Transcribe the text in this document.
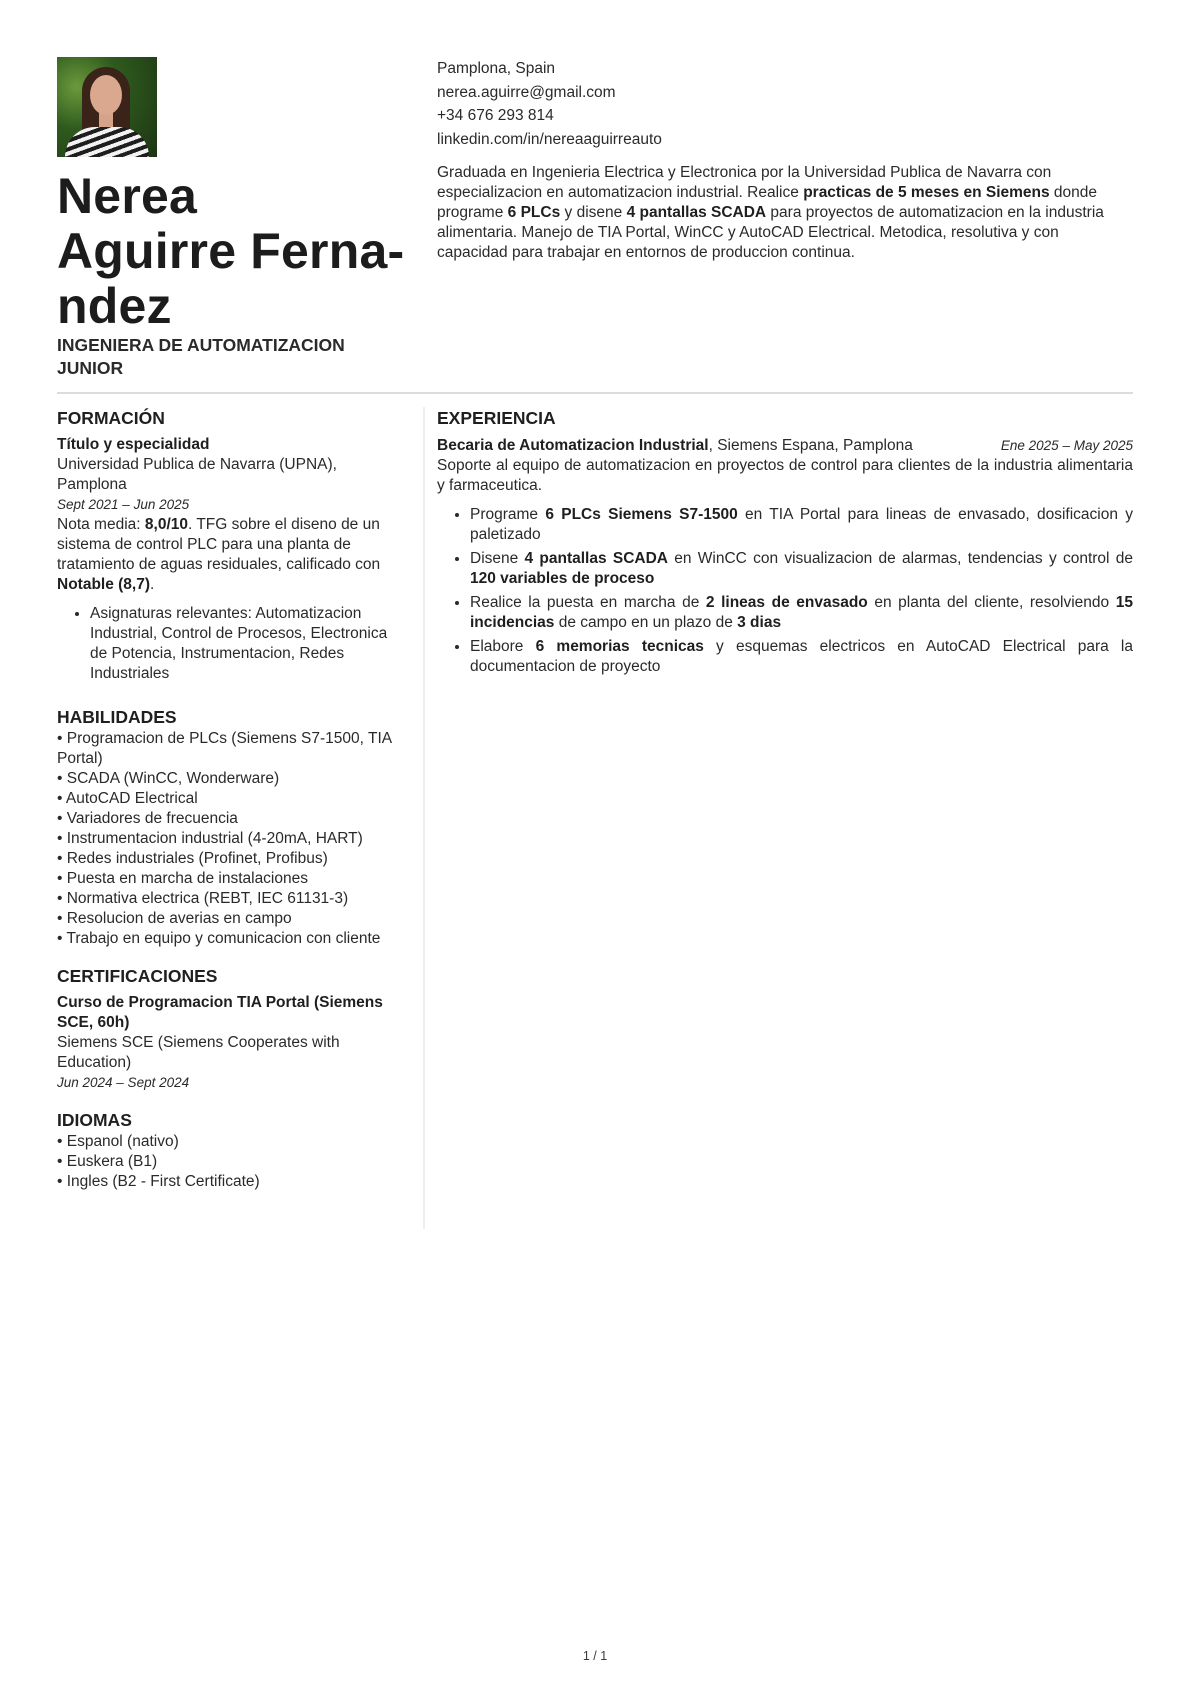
Nerea
Aguirre Ferna-
ndez
INGENIERA DE AUTOMATIZACION
JUNIOR
Pamplona, Spain
nerea.aguirre@gmail.com
+34 676 293 814
linkedin.com/in/nereaaguirreauto
Graduada en Ingenieria Electrica y Electronica por la Universidad Publica de Navarra con especializacion en automatizacion industrial. Realice practicas de 5 meses en Siemens donde programe 6 PLCs y disene 4 pantallas SCADA para proyectos de automatizacion en la industria alimentaria. Manejo de TIA Portal, WinCC y AutoCAD Electrical. Metodica, resolutiva y con capacidad para trabajar en entornos de produccion continua.
FORMACIÓN
Título y especialidad
Universidad Publica de Navarra (UPNA), Pamplona
Sept 2021 – Jun 2025
Nota media: 8,0/10. TFG sobre el diseno de un sistema de control PLC para una planta de tratamiento de aguas residuales, calificado con Notable (8,7).
• Asignaturas relevantes: Automatizacion Industrial, Control de Procesos, Electronica de Potencia, Instrumentacion, Redes Industriales
HABILIDADES
• Programacion de PLCs (Siemens S7-1500, TIA Portal)
• SCADA (WinCC, Wonderware)
• AutoCAD Electrical
• Variadores de frecuencia
• Instrumentacion industrial (4-20mA, HART)
• Redes industriales (Profinet, Profibus)
• Puesta en marcha de instalaciones
• Normativa electrica (REBT, IEC 61131-3)
• Resolucion de averias en campo
• Trabajo en equipo y comunicacion con cliente
CERTIFICACIONES
Curso de Programacion TIA Portal (Siemens SCE, 60h)
Siemens SCE (Siemens Cooperates with Education)
Jun 2024 – Sept 2024
IDIOMAS
• Espanol (nativo)
• Euskera (B1)
• Ingles (B2 - First Certificate)
EXPERIENCIA
Becaria de Automatizacion Industrial, Siemens Espana, Pamplona	Ene 2025 – May 2025
Soporte al equipo de automatizacion en proyectos de control para clientes de la industria alimentaria y farmaceutica.
• Programe 6 PLCs Siemens S7-1500 en TIA Portal para lineas de envasado, dosificacion y paletizado
• Disene 4 pantallas SCADA en WinCC con visualizacion de alarmas, tendencias y control de 120 variables de proceso
• Realice la puesta en marcha de 2 lineas de envasado en planta del cliente, resolviendo 15 incidencias de campo en un plazo de 3 dias
• Elabore 6 memorias tecnicas y esquemas electricos en AutoCAD Electrical para la documentacion de proyecto
1 / 1
